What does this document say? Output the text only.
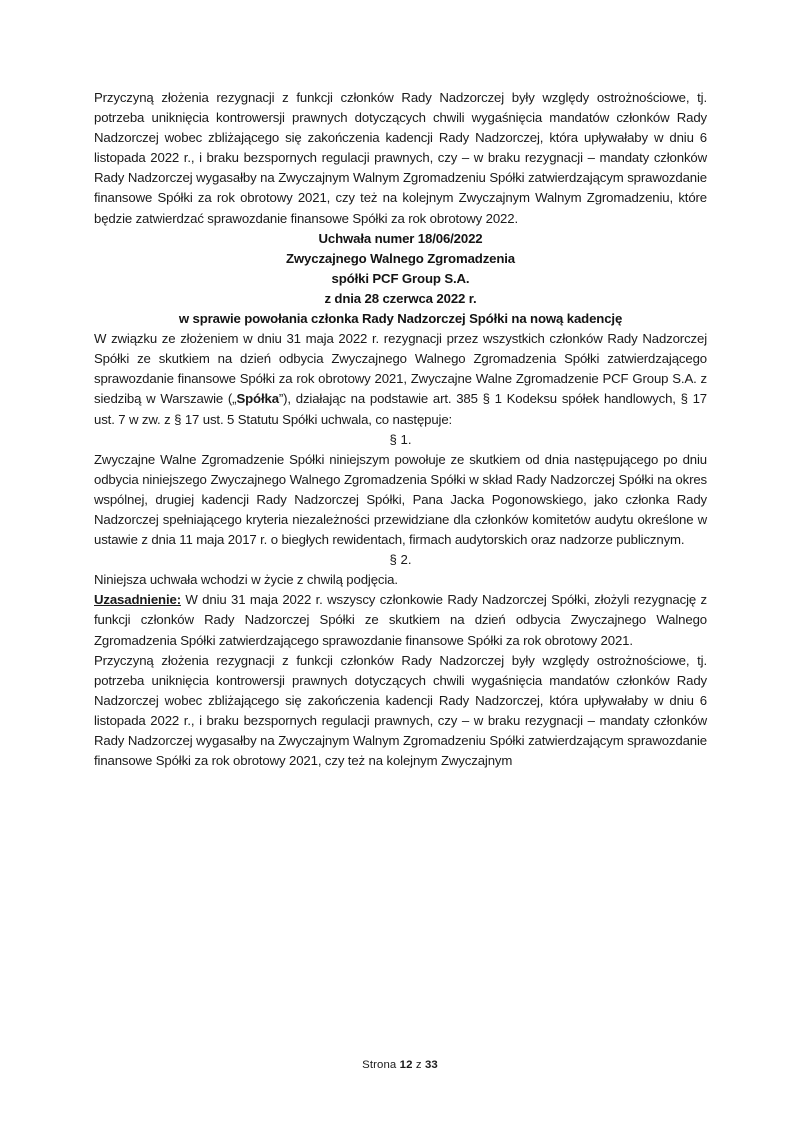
Przyczyną złożenia rezygnacji z funkcji członków Rady Nadzorczej były względy ostrożnościowe, tj. potrzeba uniknięcia kontrowersji prawnych dotyczących chwili wygaśnięcia mandatów członków Rady Nadzorczej wobec zbliżającego się zakończenia kadencji Rady Nadzorczej, która upływałaby w dniu 6 listopada 2022 r., i braku bezspornych regulacji prawnych, czy – w braku rezygnacji – mandaty członków Rady Nadzorczej wygasałby na Zwyczajnym Walnym Zgromadzeniu Spółki zatwierdzającym sprawozdanie finansowe Spółki za rok obrotowy 2021, czy też na kolejnym Zwyczajnym Walnym Zgromadzeniu, które będzie zatwierdzać sprawozdanie finansowe Spółki za rok obrotowy 2022.

Uchwała numer 18/06/2022
Zwyczajnego Walnego Zgromadzenia
spółki PCF Group S.A.
z dnia 28 czerwca 2022 r.
w sprawie powołania członka Rady Nadzorczej Spółki na nową kadencję

W związku ze złożeniem w dniu 31 maja 2022 r. rezygnacji przez wszystkich członków Rady Nadzorczej Spółki ze skutkiem na dzień odbycia Zwyczajnego Walnego Zgromadzenia Spółki zatwierdzającego sprawozdanie finansowe Spółki za rok obrotowy 2021, Zwyczajne Walne Zgromadzenie PCF Group S.A. z siedzibą w Warszawie („Spółka”), działając na podstawie art. 385 § 1 Kodeksu spółek handlowych, § 17 ust. 7 w zw. z § 17 ust. 5 Statutu Spółki uchwala, co następuje:

§ 1.

Zwyczajne Walne Zgromadzenie Spółki niniejszym powołuje ze skutkiem od dnia następującego po dniu odbycia niniejszego Zwyczajnego Walnego Zgromadzenia Spółki w skład Rady Nadzorczej Spółki na okres wspólnej, drugiej kadencji Rady Nadzorczej Spółki, Pana Jacka Pogonowskiego, jako członka Rady Nadzorczej spełniającego kryteria niezależności przewidziane dla członków komitetów audytu określone w ustawie z dnia 11 maja 2017 r. o biegłych rewidentach, firmach audytorskich oraz nadzorze publicznym.

§ 2.

Niniejsza uchwała wchodzi w życie z chwilą podjęcia.

Uzasadnienie: W dniu 31 maja 2022 r. wszyscy członkowie Rady Nadzorczej Spółki, złożyli rezygnację z funkcji członków Rady Nadzorczej Spółki ze skutkiem na dzień odbycia Zwyczajnego Walnego Zgromadzenia Spółki zatwierdzającego sprawozdanie finansowe Spółki za rok obrotowy 2021.

Przyczyną złożenia rezygnacji z funkcji członków Rady Nadzorczej były względy ostrożnościowe, tj. potrzeba uniknięcia kontrowersji prawnych dotyczących chwili wygaśnięcia mandatów członków Rady Nadzorczej wobec zbliżającego się zakończenia kadencji Rady Nadzorczej, która upływałaby w dniu 6 listopada 2022 r., i braku bezspornych regulacji prawnych, czy – w braku rezygnacji – mandaty członków Rady Nadzorczej wygasałby na Zwyczajnym Walnym Zgromadzeniu Spółki zatwierdzającym sprawozdanie finansowe Spółki za rok obrotowy 2021, czy też na kolejnym Zwyczajnym

Strona 12 z 33
